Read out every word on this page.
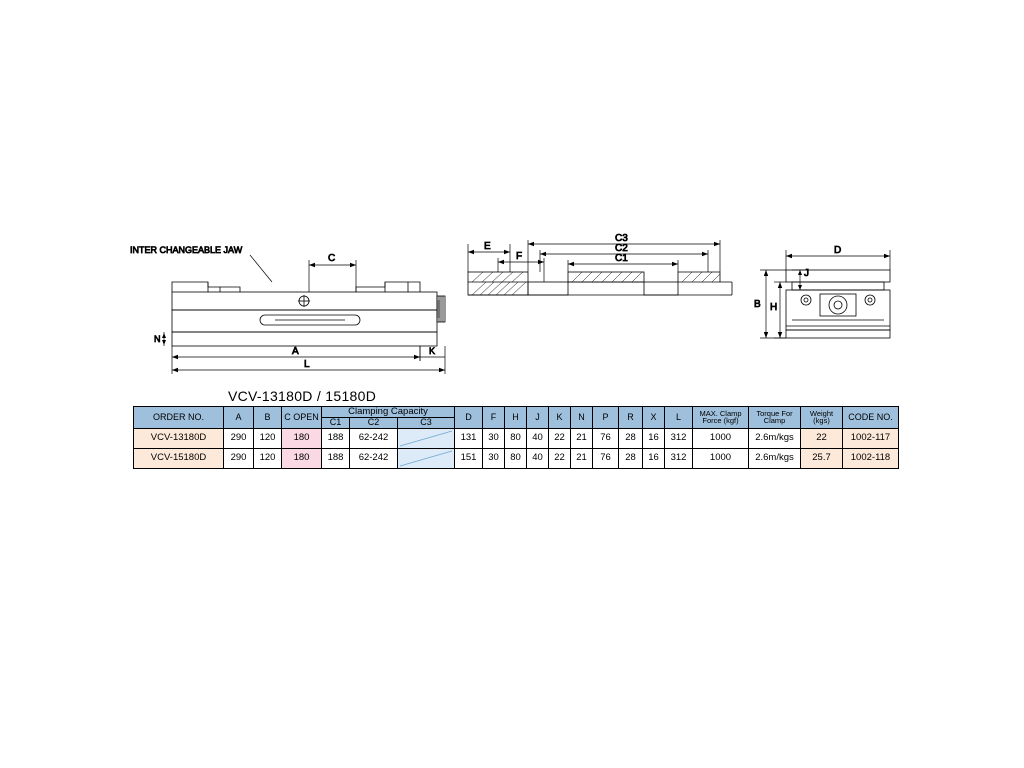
C
N
A	K
L
INTER CHANGEABLE JAW
C3
C2
C1
E
F
D
B H
J
VCV-13180D / 15180D
ORDER NO.	A	B	C OPEN	Clamping Capacity			D	F	H	J	K	N	P	R	X	L	MAX. Clamp Force (kgf)	Torque For Clamp	Weight (kgs)	CODE NO.
				C1	C2	C3														
VCV-13180D	290	120	180	188	62-242		131	30	80	40	22	21	76	28	16	312	1000	2.6m/kgs	22	1002-117
VCV-15180D	290	120	180	188	62-242		151	30	80	40	22	21	76	28	16	312	1000	2.6m/kgs	25.7	1002-118
